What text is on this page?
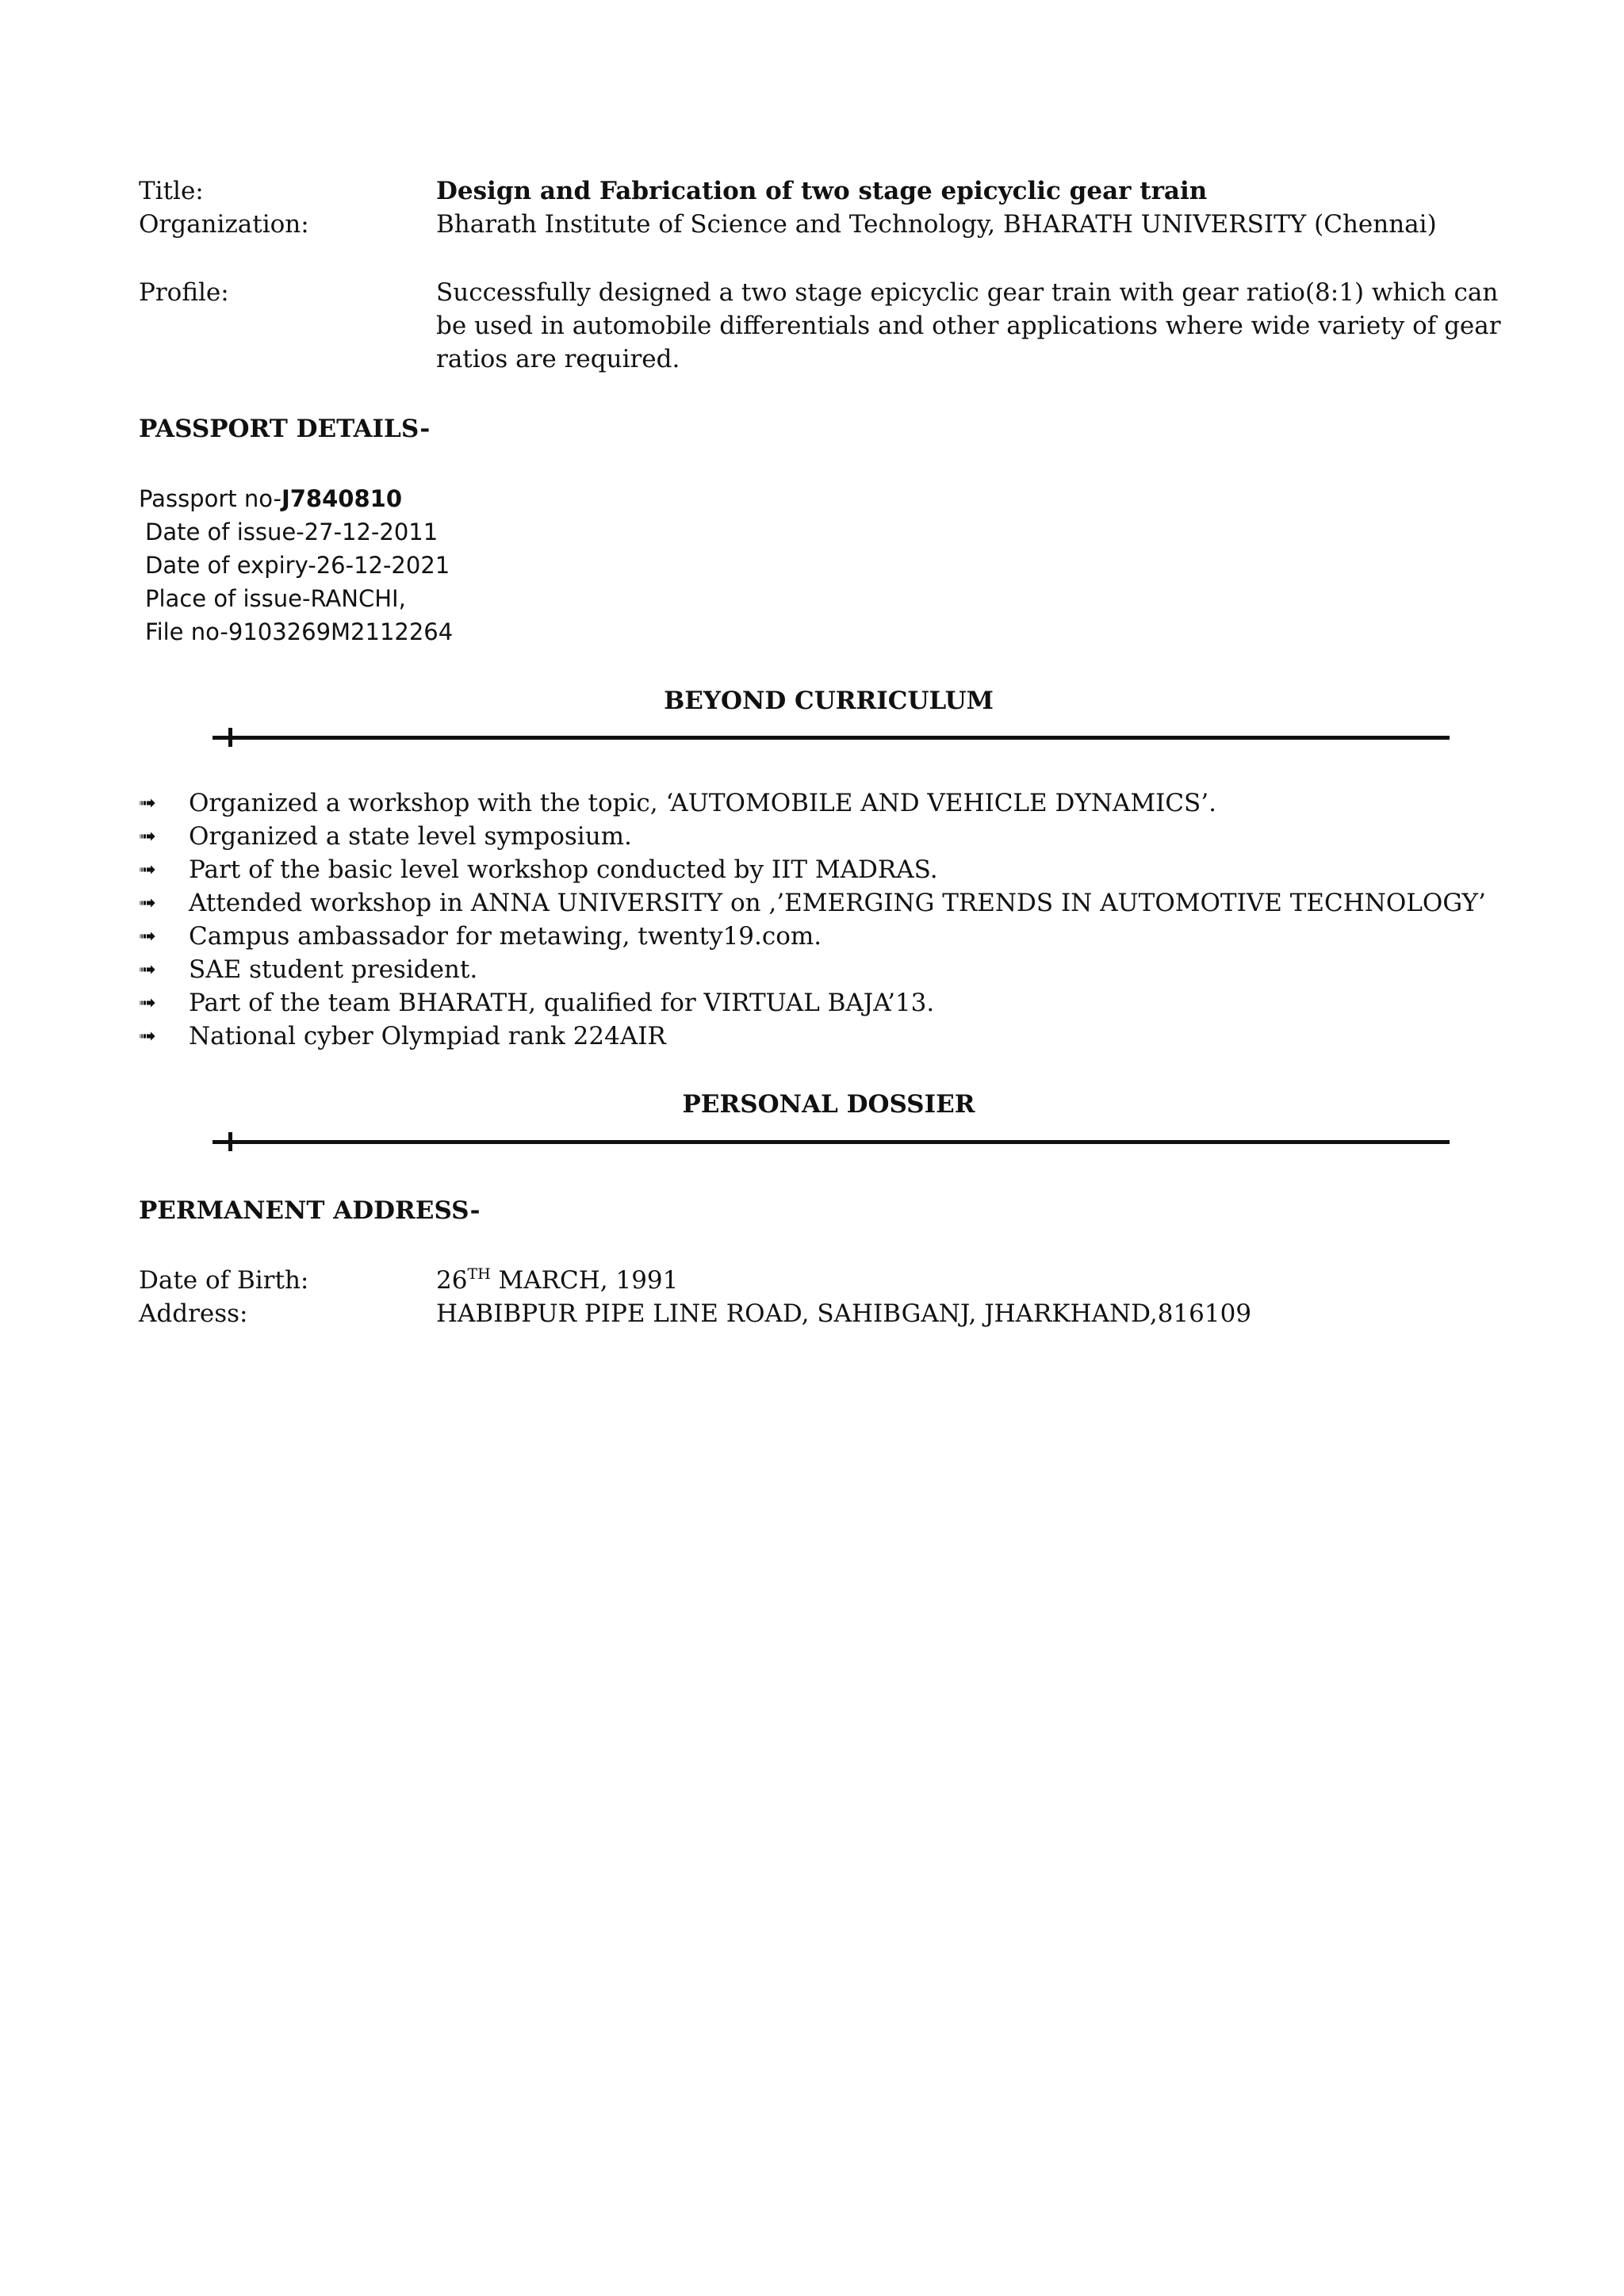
Title:	Design and Fabrication of two stage epicyclic gear train
Organization:	Bharath Institute of Science and Technology, BHARATH UNIVERSITY (Chennai)
Profile:	Successfully designed a two stage epicyclic gear train with gear ratio(8:1) which can be used in automobile differentials and other applications where wide variety of gear ratios are required.
PASSPORT DETAILS-
Passport no-J7840810
Date of issue-27-12-2011
Date of expiry-26-12-2021
Place of issue-RANCHI,
File no-9103269M2112264
BEYOND CURRICULUM
➟ Organized a workshop with the topic, ‘AUTOMOBILE AND VEHICLE DYNAMICS’.
➟ Organized a state level symposium.
➟ Part of the basic level workshop conducted by IIT MADRAS.
➟ Attended workshop in ANNA UNIVERSITY on ,’EMERGING TRENDS IN AUTOMOTIVE TECHNOLOGY’
➟ Campus ambassador for metawing, twenty19.com.
➟ SAE student president.
➟ Part of the team BHARATH, qualified for VIRTUAL BAJA’13.
➟ National cyber Olympiad rank 224AIR
PERSONAL DOSSIER
PERMANENT ADDRESS-
Date of Birth:	26TH MARCH, 1991
Address:	HABIBPUR PIPE LINE ROAD, SAHIBGANJ, JHARKHAND,816109
